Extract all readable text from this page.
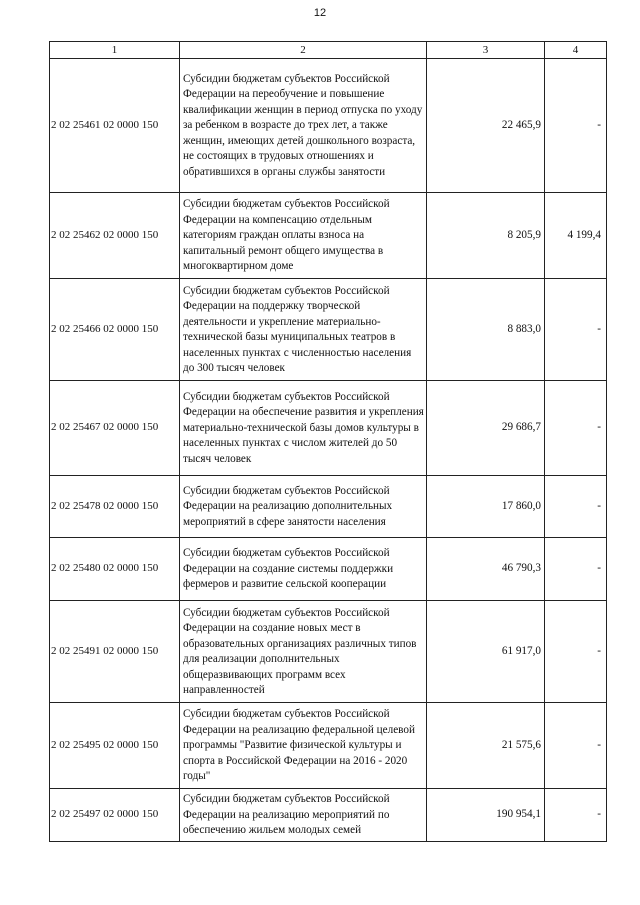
12
1	2	3	4
2 02 25461 02 0000 150	Субсидии бюджетам субъектов Российской Федерации на переобучение и повышение квалификации женщин в период отпуска по уходу за ребенком в возрасте до трех лет, а также женщин, имеющих детей дошкольного возраста, не состоящих в трудовых отношениях и обратившихся в органы службы занятости	22 465,9	-
2 02 25462 02 0000 150	Субсидии бюджетам субъектов Российской Федерации на компенсацию отдельным категориям граждан оплаты взноса на капитальный ремонт общего имущества в многоквартирном доме	8 205,9	4 199,4
2 02 25466 02 0000 150	Субсидии бюджетам субъектов Российской Федерации на поддержку творческой деятельности и укрепление материально-технической базы муниципальных театров в населенных пунктах с численностью населения до 300 тысяч человек	8 883,0	-
2 02 25467 02 0000 150	Субсидии бюджетам субъектов Российской Федерации на обеспечение развития и укрепления материально-технической базы домов культуры в населенных пунктах с числом жителей до 50 тысяч человек	29 686,7	-
2 02 25478 02 0000 150	Субсидии бюджетам субъектов Российской Федерации на реализацию дополнительных мероприятий в сфере занятости населения	17 860,0	-
2 02 25480 02 0000 150	Субсидии бюджетам субъектов Российской Федерации на создание системы поддержки фермеров и развитие сельской кооперации	46 790,3	-
2 02 25491 02 0000 150	Субсидии бюджетам субъектов Российской Федерации на создание новых мест в образовательных организациях различных типов для реализации дополнительных общеразвивающих программ всех направленностей	61 917,0	-
2 02 25495 02 0000 150	Субсидии бюджетам субъектов Российской Федерации на реализацию федеральной целевой программы "Развитие физической культуры и спорта в Российской Федерации на 2016 - 2020 годы"	21 575,6	-
2 02 25497 02 0000 150	Субсидии бюджетам субъектов Российской Федерации на реализацию мероприятий по обеспечению жильем молодых семей	190 954,1	-
